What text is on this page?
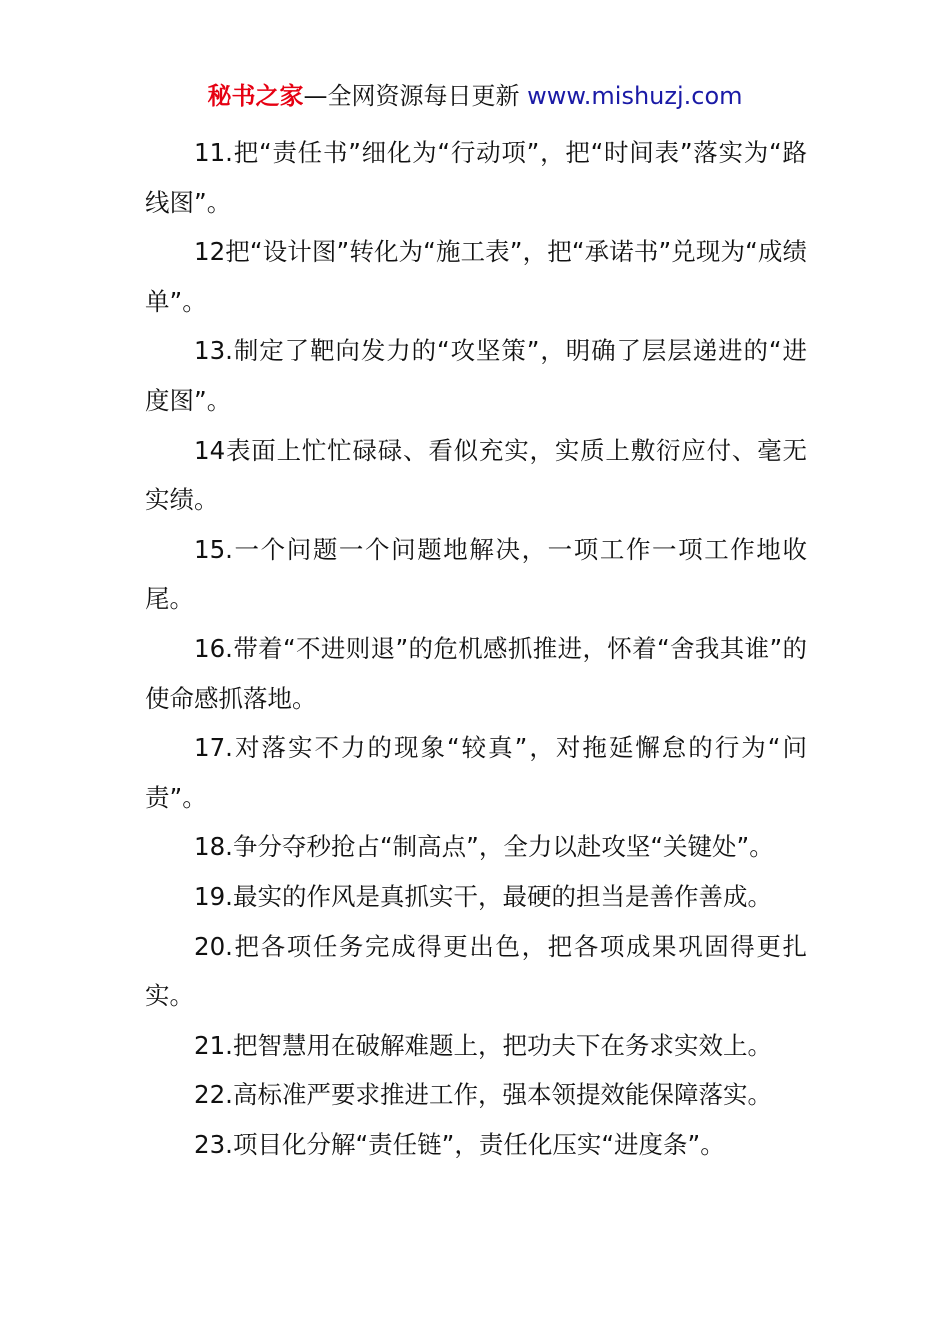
秘书之家—全网资源每日更新 www.mishuzj.com

11.把“责任书”细化为“行动项”，把“时间表”落实为“路线图”。

12把“设计图”转化为“施工表”，把“承诺书”兑现为“成绩单”。

13.制定了靶向发力的“攻坚策”，明确了层层递进的“进度图”。

14表面上忙忙碌碌、看似充实，实质上敷衍应付、毫无实绩。

15.一个问题一个问题地解决，一项工作一项工作地收尾。

16.带着“不进则退”的危机感抓推进，怀着“舍我其谁”的使命感抓落地。

17.对落实不力的现象“较真”，对拖延懈怠的行为“问责”。

18.争分夺秒抢占“制高点”，全力以赴攻坚“关键处”。

19.最实的作风是真抓实干，最硬的担当是善作善成。

20.把各项任务完成得更出色，把各项成果巩固得更扎实。

21.把智慧用在破解难题上，把功夫下在务求实效上。

22.高标准严要求推进工作，强本领提效能保障落实。

23.项目化分解“责任链”，责任化压实“进度条”。
